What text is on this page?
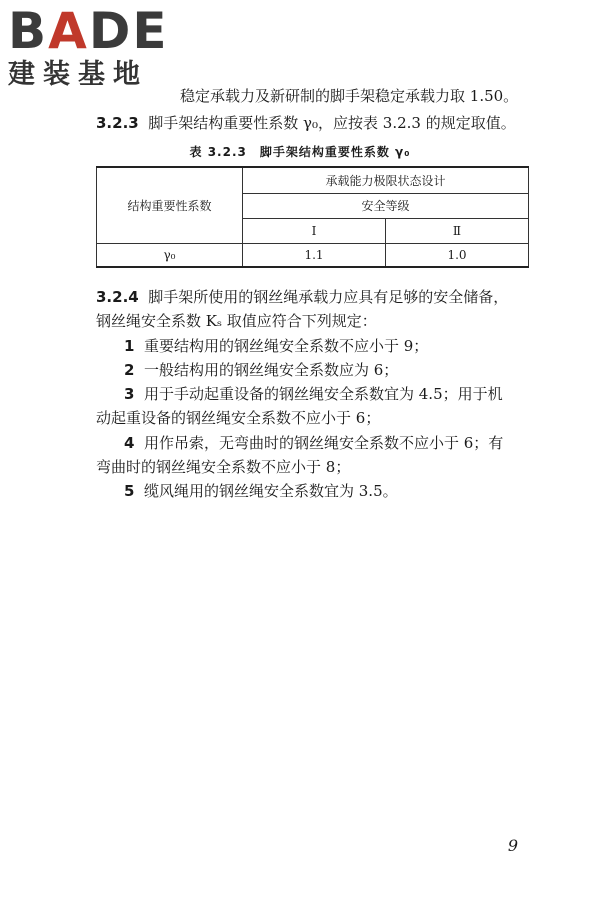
BADE
建装基地
稳定承载力及新研制的脚手架稳定承载力取 1.50。
3.2.3 脚手架结构重要性系数 γ₀，应按表 3.2.3 的规定取值。
表 3.2.3　脚手架结构重要性系数 γ₀
结构重要性系数	承载能力极限状态设计	
	安全等级	
	Ⅰ	Ⅱ
γ₀	1.1	1.0
3.2.4 脚手架所使用的钢丝绳承载力应具有足够的安全储备，
钢丝绳安全系数 Kₛ 取值应符合下列规定：
1 重要结构用的钢丝绳安全系数不应小于 9；
2 一般结构用的钢丝绳安全系数应为 6；
3 用于手动起重设备的钢丝绳安全系数宜为 4.5；用于机
动起重设备的钢丝绳安全系数不应小于 6；
4 用作吊索，无弯曲时的钢丝绳安全系数不应小于 6；有
弯曲时的钢丝绳安全系数不应小于 8；
5 缆风绳用的钢丝绳安全系数宜为 3.5。
9
